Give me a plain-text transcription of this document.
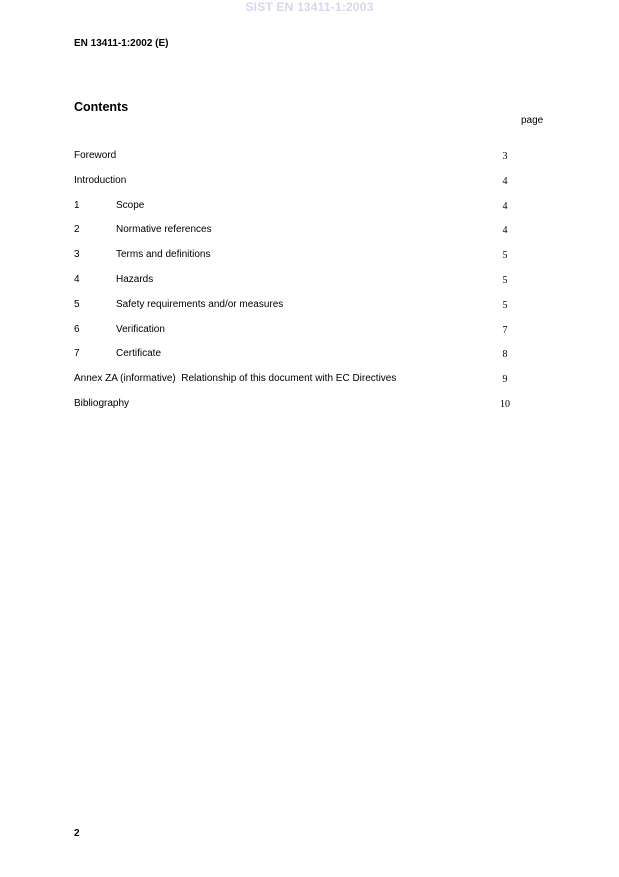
SIST EN 13411-1:2003
EN 13411-1:2002 (E)
Contents
page
Foreword	3
Introduction	4
1	Scope	4
2	Normative references	4
3	Terms and definitions	5
4	Hazards	5
5	Safety requirements and/or measures	5
6	Verification	7
7	Certificate	8
Annex ZA (informative)  Relationship of this document with EC Directives	9
Bibliography	10
2
